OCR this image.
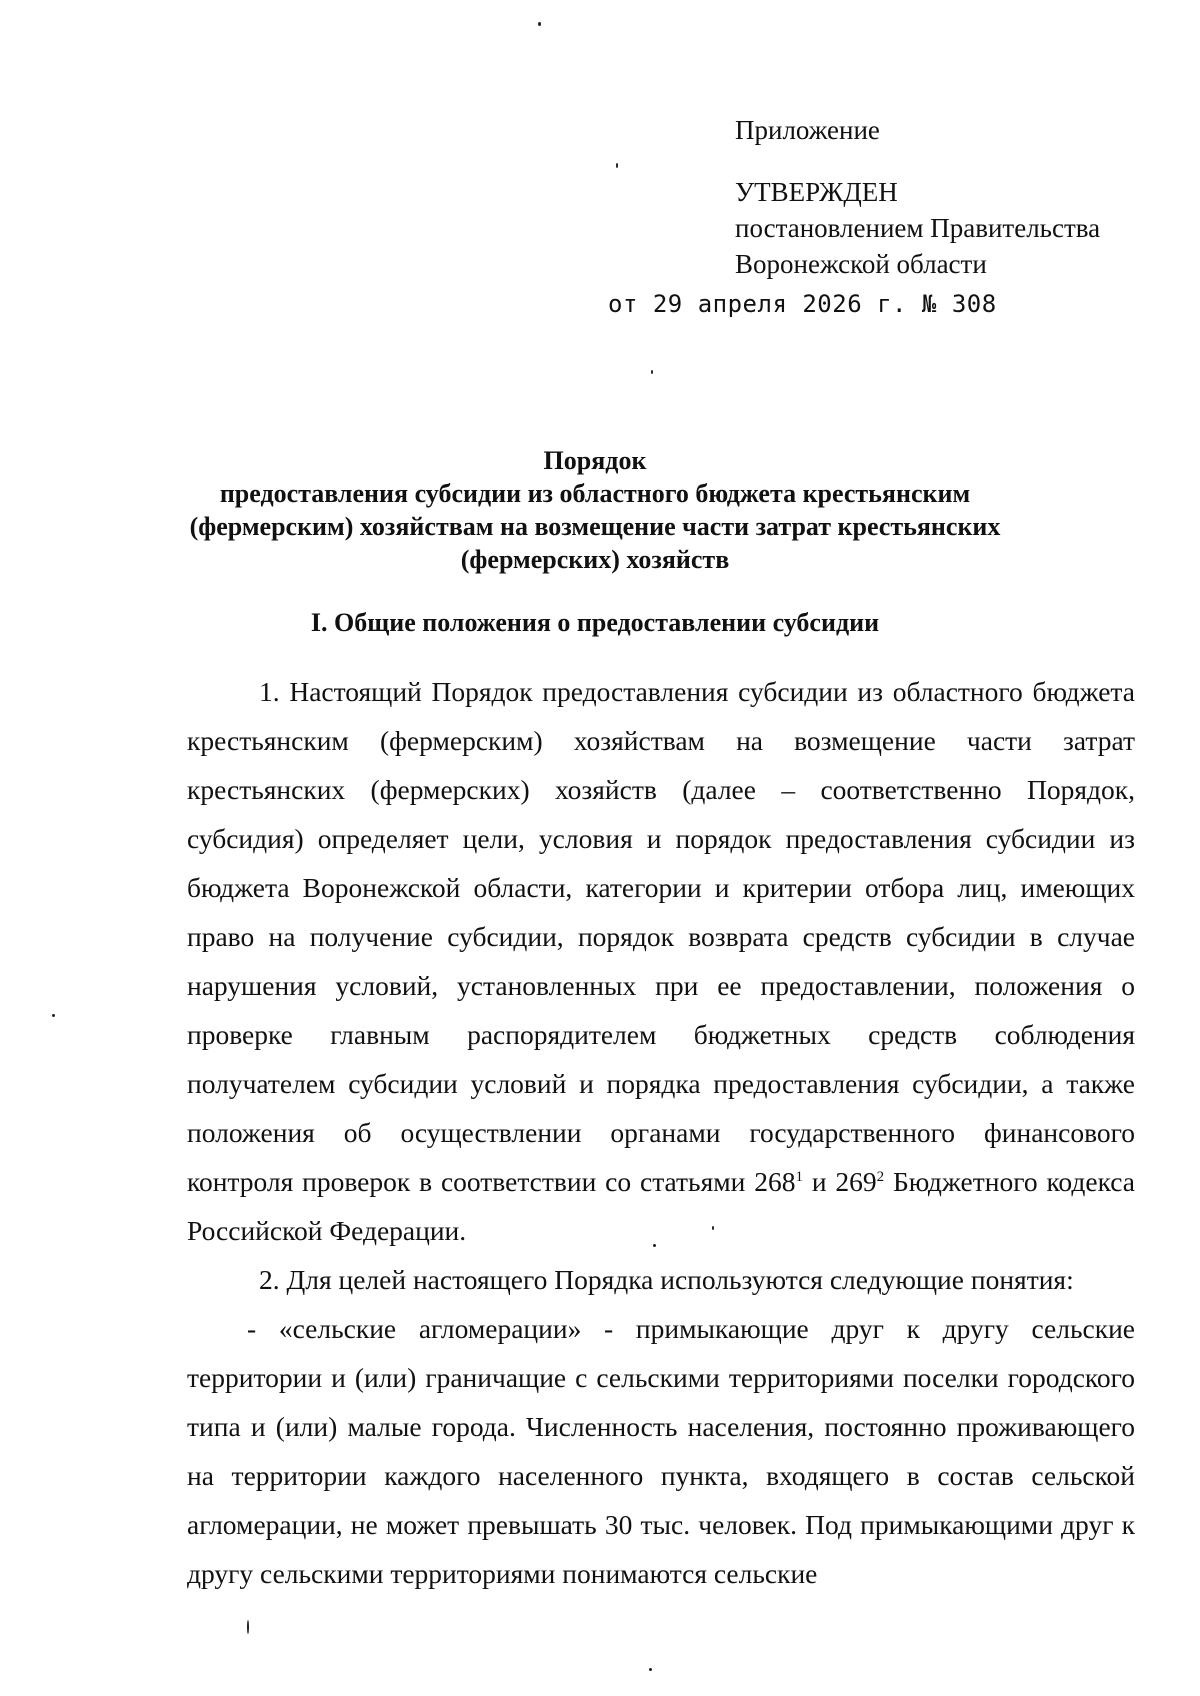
Приложение
УТВЕРЖДЕН
постановлением Правительства
Воронежской области
от 29 апреля 2026 г. № 308
Порядок
предоставления субсидии из областного бюджета крестьянским
(фермерским) хозяйствам на возмещение части затрат крестьянских
(фермерских) хозяйств
I. Общие положения о предоставлении субсидии

1. Настоящий Порядок предоставления субсидии из областного бюджета крестьянским (фермерским) хозяйствам на возмещение части затрат крестьянских (фермерских) хозяйств (далее – соответственно Порядок, субсидия) определяет цели, условия и порядок предоставления субсидии из бюджета Воронежской области, категории и критерии отбора лиц, имеющих право на получение субсидии, порядок возврата средств субсидии в случае нарушения условий, установленных при ее предоставлении, положения о проверке главным распорядителем бюджетных средств соблюдения получателем субсидии условий и порядка предоставления субсидии, а также положения об осуществлении органами государственного финансового контроля проверок в соответствии со статьями $268^1$ и $269^2$ Бюджетного кодекса Российской Федерации.

2. Для целей настоящего Порядка используются следующие понятия:

- «сельские агломерации» - примыкающие друг к другу сельские территории и (или) граничащие с сельскими территориями поселки городского типа и (или) малые города. Численность населения, постоянно проживающего на территории каждого населенного пункта, входящего в состав сельской агломерации, не может превышать 30 тыс. человек. Под примыкающими друг к другу сельскими территориями понимаются сельские
